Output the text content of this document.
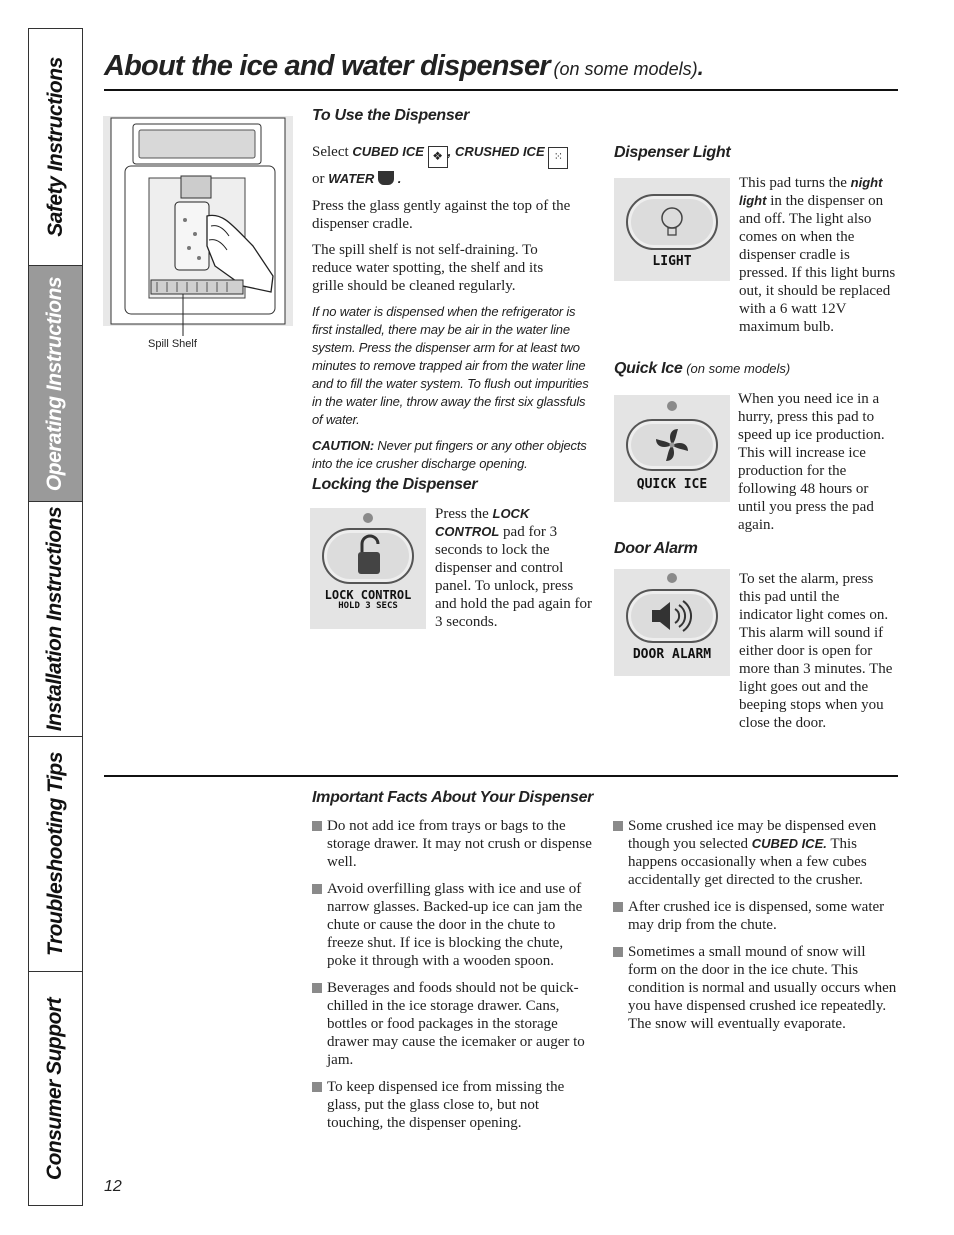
Safety Instructions
Operating Instructions
Installation Instructions
Troubleshooting Tips
Consumer Support
About the ice and water dispenser (on some models).
Spill Shelf
To Use the Dispenser
Select CUBED ICE ❖ , CRUSHED ICE ⁙
or WATER .

Press the glass gently against the top of the dispenser cradle.

The spill shelf is not self-draining. To reduce water spotting, the shelf and its grille should be cleaned regularly.

If no water is dispensed when the refrigerator is first installed, there may be air in the water line system. Press the dispenser arm for at least two minutes to remove trapped air from the water line and to fill the water system. To flush out impurities in the water line, throw away the first six glassfuls of water.

CAUTION: Never put fingers or any other objects into the ice crusher discharge opening.

Locking the Dispenser
LOCK CONTROL
HOLD 3 SECS
Press the LOCK CONTROL pad for 3 seconds to lock the dispenser and control panel. To unlock, press and hold the pad again for 3 seconds.
Dispenser Light
LIGHT
This pad turns the night light in the dispenser on and off. The light also comes on when the dispenser cradle is pressed. If this light burns out, it should be replaced with a 6 watt 12V maximum bulb.
Quick Ice (on some models)
QUICK ICE
When you need ice in a hurry, press this pad to speed up ice production. This will increase ice production for the following 48 hours or until you press the pad again.
Door Alarm
DOOR ALARM
To set the alarm, press this pad until the indicator light comes on. This alarm will sound if either door is open for more than 3 minutes. The light goes out and the beeping stops when you close the door.
Important Facts About Your Dispenser
Do not add ice from trays or bags to the storage drawer. It may not crush or dispense well.
Avoid overfilling glass with ice and use of narrow glasses. Backed-up ice can jam the chute or cause the door in the chute to freeze shut. If ice is blocking the chute, poke it through with a wooden spoon.
Beverages and foods should not be quick-chilled in the ice storage drawer. Cans, bottles or food packages in the storage drawer may cause the icemaker or auger to jam.
To keep dispensed ice from missing the glass, put the glass close to, but not touching, the dispenser opening.
Some crushed ice may be dispensed even though you selected CUBED ICE. This happens occasionally when a few cubes accidentally get directed to the crusher.
After crushed ice is dispensed, some water may drip from the chute.
Sometimes a small mound of snow will form on the door in the ice chute. This condition is normal and usually occurs when you have dispensed crushed ice repeatedly. The snow will eventually evaporate.
12
